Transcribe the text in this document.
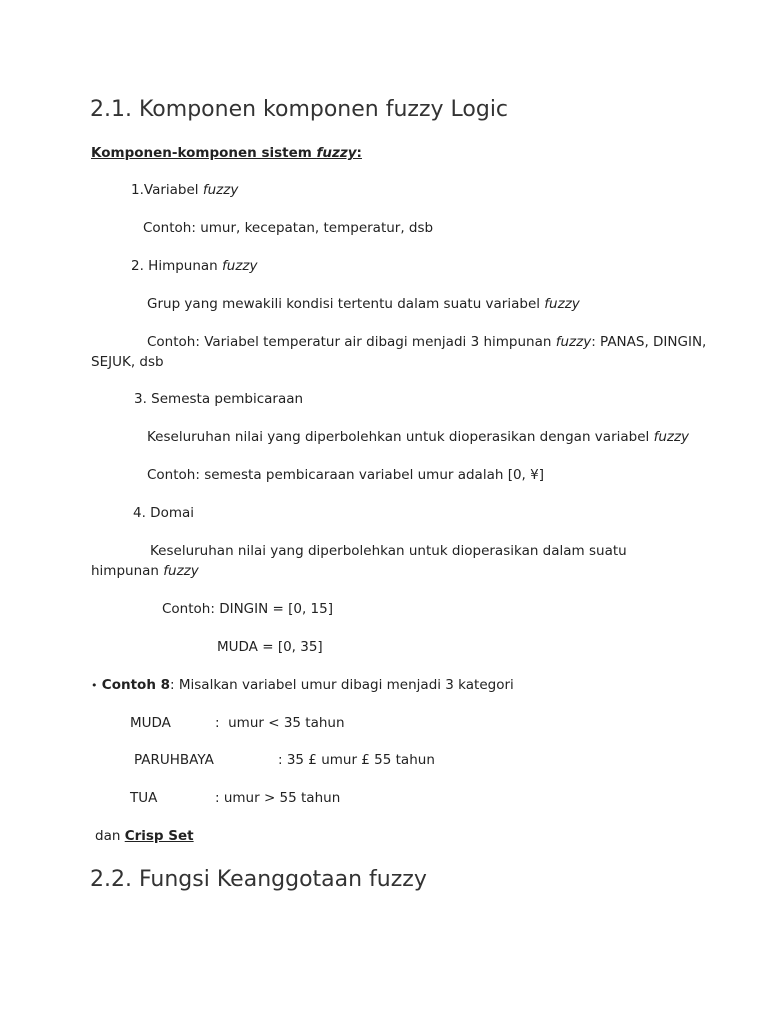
2.1. Komponen komponen fuzzy Logic
Komponen-komponen sistem fuzzy:
1.Variabel fuzzy
Contoh: umur, kecepatan, temperatur, dsb
2. Himpunan fuzzy
Grup yang mewakili kondisi tertentu dalam suatu variabel fuzzy
Contoh: Variabel temperatur air dibagi menjadi 3 himpunan fuzzy: PANAS, DINGIN,
SEJUK, dsb
3. Semesta pembicaraan
Keseluruhan nilai yang diperbolehkan untuk dioperasikan dengan variabel fuzzy
Contoh: semesta pembicaraan variabel umur adalah [0, ¥]
4. Domai
Keseluruhan nilai yang diperbolehkan untuk dioperasikan dalam suatu
himpunan fuzzy
Contoh: DINGIN = [0, 15]
MUDA = [0, 35]
• Contoh 8: Misalkan variabel umur dibagi menjadi 3 kategori
MUDA	:  umur < 35 tahun
PARUHBAYA	: 35 £ umur £ 55 tahun
TUA	: umur > 55 tahun
dan Crisp Set
2.2. Fungsi Keanggotaan fuzzy
